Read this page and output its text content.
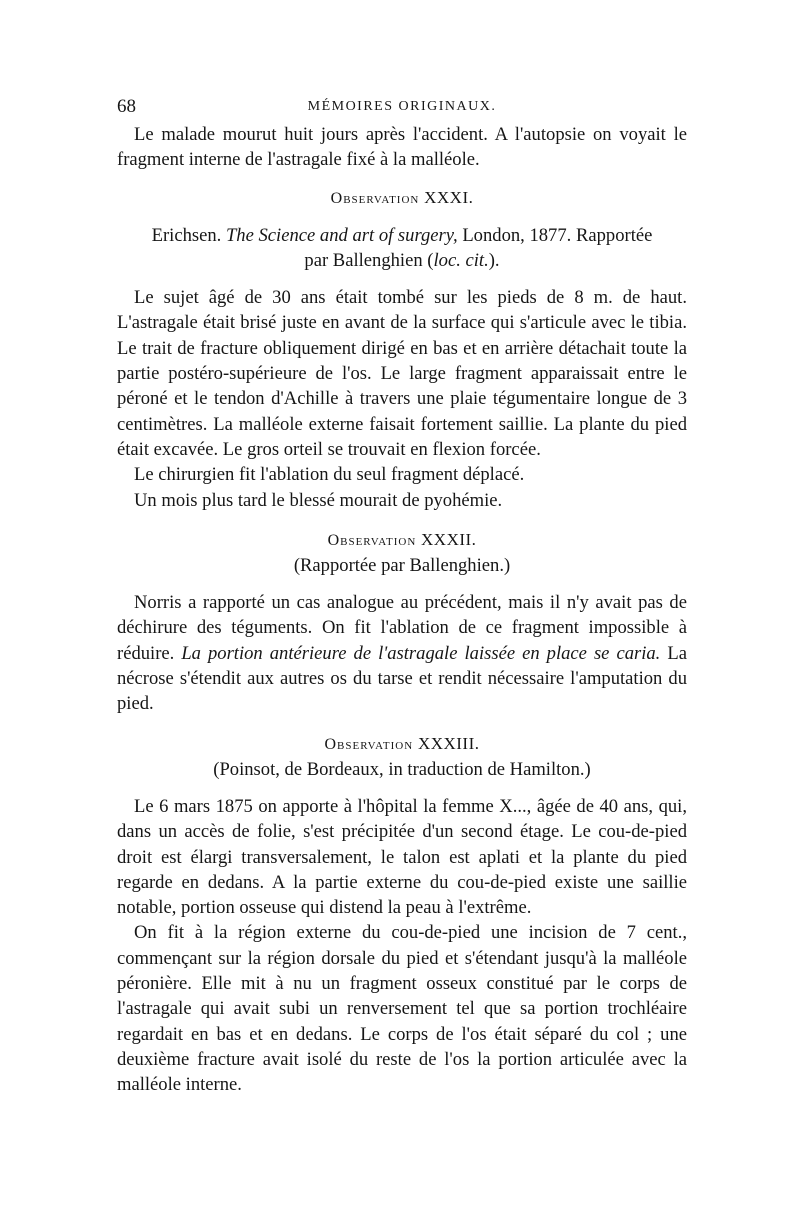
68	MÉMOIRES ORIGINAUX.

Le malade mourut huit jours après l'accident. A l'autopsie on voyait le fragment interne de l'astragale fixé à la malléole.

Observation XXXI.
Erichsen. The Science and art of surgery, London, 1877. Rapportée
par Ballenghien (loc. cit.).

Le sujet âgé de 30 ans était tombé sur les pieds de 8 m. de haut. L'astragale était brisé juste en avant de la surface qui s'articule avec le tibia. Le trait de fracture obliquement dirigé en bas et en arrière détachait toute la partie postéro-supérieure de l'os. Le large fragment apparaissait entre le péroné et le tendon d'Achille à travers une plaie tégumentaire longue de 3 centimètres. La malléole externe faisait fortement saillie. La plante du pied était excavée. Le gros orteil se trouvait en flexion forcée.

Le chirurgien fit l'ablation du seul fragment déplacé.

Un mois plus tard le blessé mourait de pyohémie.

Observation XXXII.
(Rapportée par Ballenghien.)

Norris a rapporté un cas analogue au précédent, mais il n'y avait pas de déchirure des téguments. On fit l'ablation de ce fragment impossible à réduire. La portion antérieure de l'astragale laissée en place se caria. La nécrose s'étendit aux autres os du tarse et rendit nécessaire l'amputation du pied.

Observation XXXIII.
(Poinsot, de Bordeaux, in traduction de Hamilton.)

Le 6 mars 1875 on apporte à l'hôpital la femme X..., âgée de 40 ans, qui, dans un accès de folie, s'est précipitée d'un second étage. Le cou-de-pied droit est élargi transversalement, le talon est aplati et la plante du pied regarde en dedans. A la partie externe du cou-de-pied existe une saillie notable, portion osseuse qui distend la peau à l'extrême.

On fit à la région externe du cou-de-pied une incision de 7 cent., commençant sur la région dorsale du pied et s'étendant jusqu'à la malléole péronière. Elle mit à nu un fragment osseux constitué par le corps de l'astragale qui avait subi un renversement tel que sa portion trochléaire regardait en bas et en dedans. Le corps de l'os était séparé du col ; une deuxième fracture avait isolé du reste de l'os la portion articulée avec la malléole interne.
